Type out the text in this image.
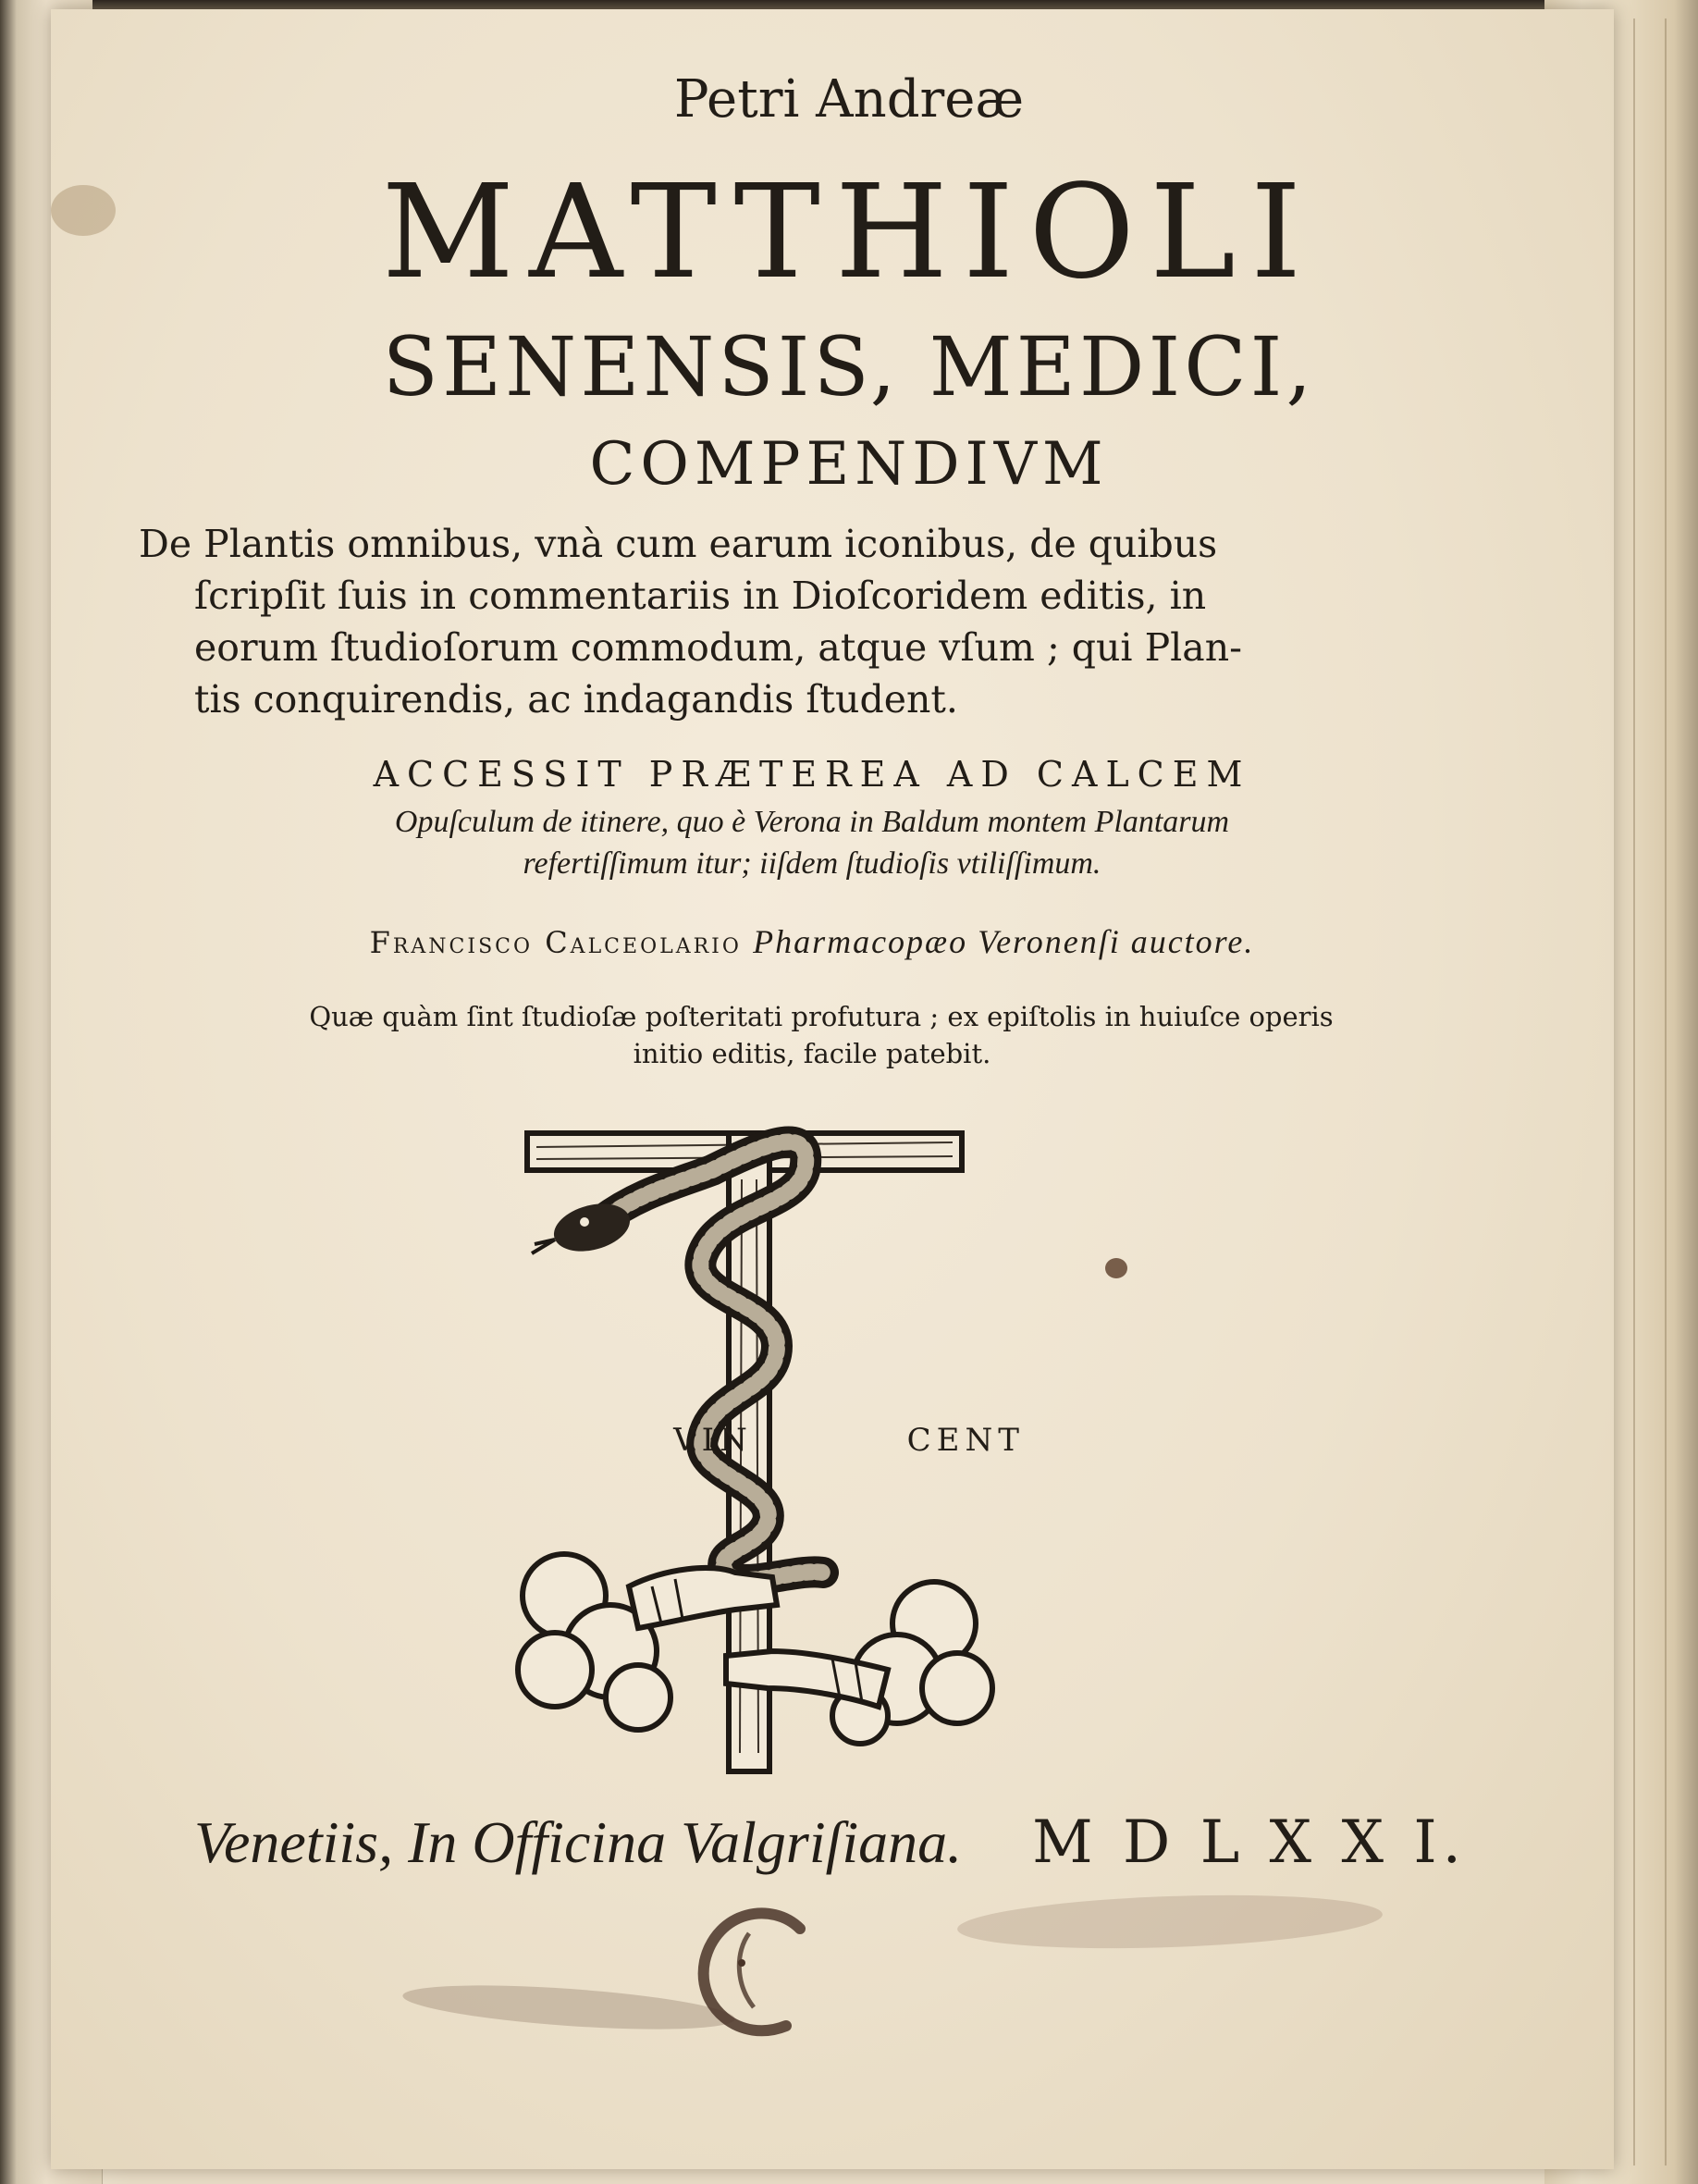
Petri Andreæ
MATTHIOLI
SENENSIS, MEDICI,
COMPENDIVM
De Plantis omnibus, vnà cum earum iconibus, de quibus
ſcripſit ſuis in commentariis in Dioſcoridem editis, in
eorum ſtudioſorum commodum, atque vſum ; qui Plan-
tis conquirendis, ac indagandis ſtudent.
ACCESSIT PRÆTEREA AD CALCEM
Opuſculum de itinere, quo è Verona in Baldum montem Plantarum
refertiſſimum itur; iiſdem ſtudioſis vtiliſſimum.
Francisco Calceolario Pharmacopæo Veronenſi auctore.
Quæ quàm ſint ſtudioſæ poſteritati profutura ; ex epiſtolis in huiuſce operis
initio editis, facile patebit.
VIN	CENT
Venetiis, In Officina Valgriſiana. M D L X X I.
